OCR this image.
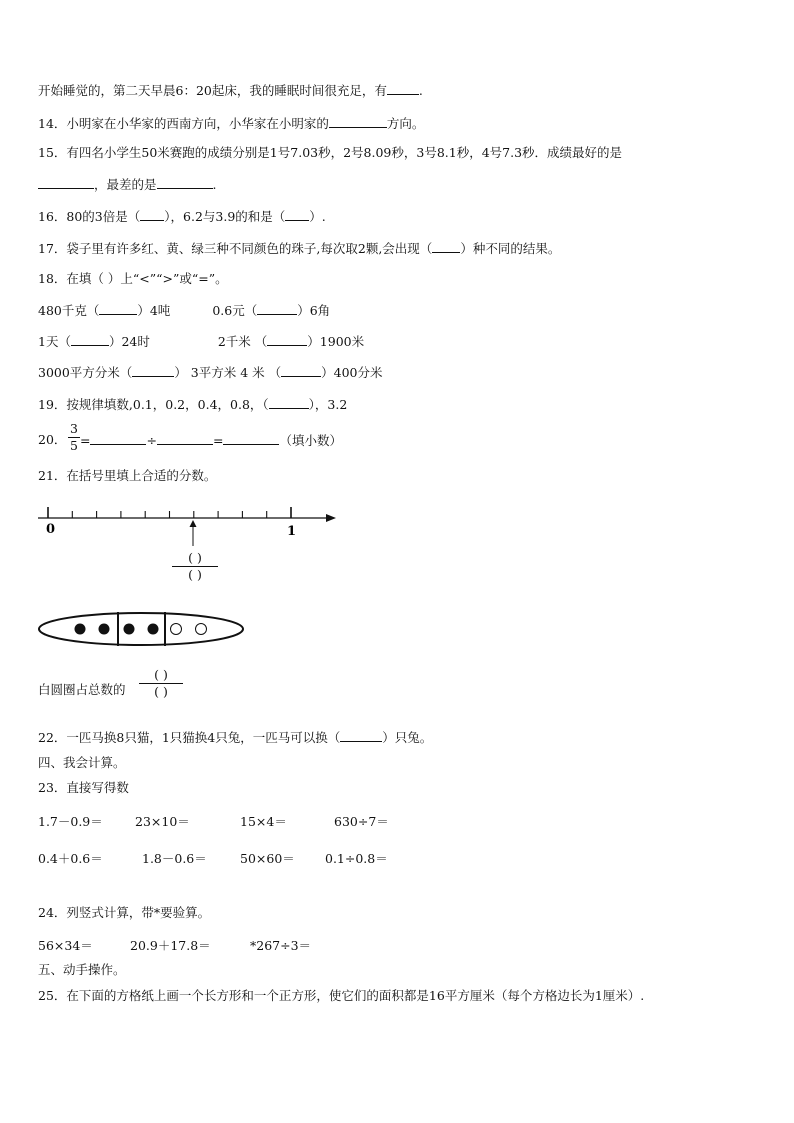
开始睡觉的，第二天早晨6：20起床，我的睡眠时间很充足，有	.
14．小明家在小华家的西南方向，小华家在小明家的	方向。
15．有四名小学生50米赛跑的成绩分别是1号7.03秒，2号8.09秒，3号8.1秒，4号7.3秒．成绩最好的是
，最差的是	.
16．80的3倍是（ ），6.2与3.9的和是（ ）.
17．袋子里有许多红、黄、绿三种不同颜色的珠子,每次取2颗,会出现（ ）种不同的结果。
18．在填（ ）上“<”“>”或“=”。
480千克（	）4吨	0.6元（	）6角
1天（	）24时	2千米 （	）1900米
3000平方分米（	） 3平方米 4 米 （	）400分米
19．按规律填数,0.1，0.2，0.4，0.8，（	），3.2
20．
3
5 =	÷	=	（填小数）
21．在括号里填上合适的分数。
0	1
( )
( )
白圆圈占总数的
( )
( )
22．一匹马换8只猫，1只猫换4只兔，一匹马可以换（	）只兔。
四、我会计算。
23．直接写得数
1.7－0.9＝	23×10＝	15×4＝	630÷7＝
0.4＋0.6＝	1.8－0.6＝	50×60＝ 0.1÷0.8＝
24．列竖式计算，带*要验算。
56×34＝	20.9＋17.8＝	*267÷3＝
五、动手操作。
25．在下面的方格纸上画一个长方形和一个正方形，使它们的面积都是16平方厘米（每个方格边长为1厘米）.
